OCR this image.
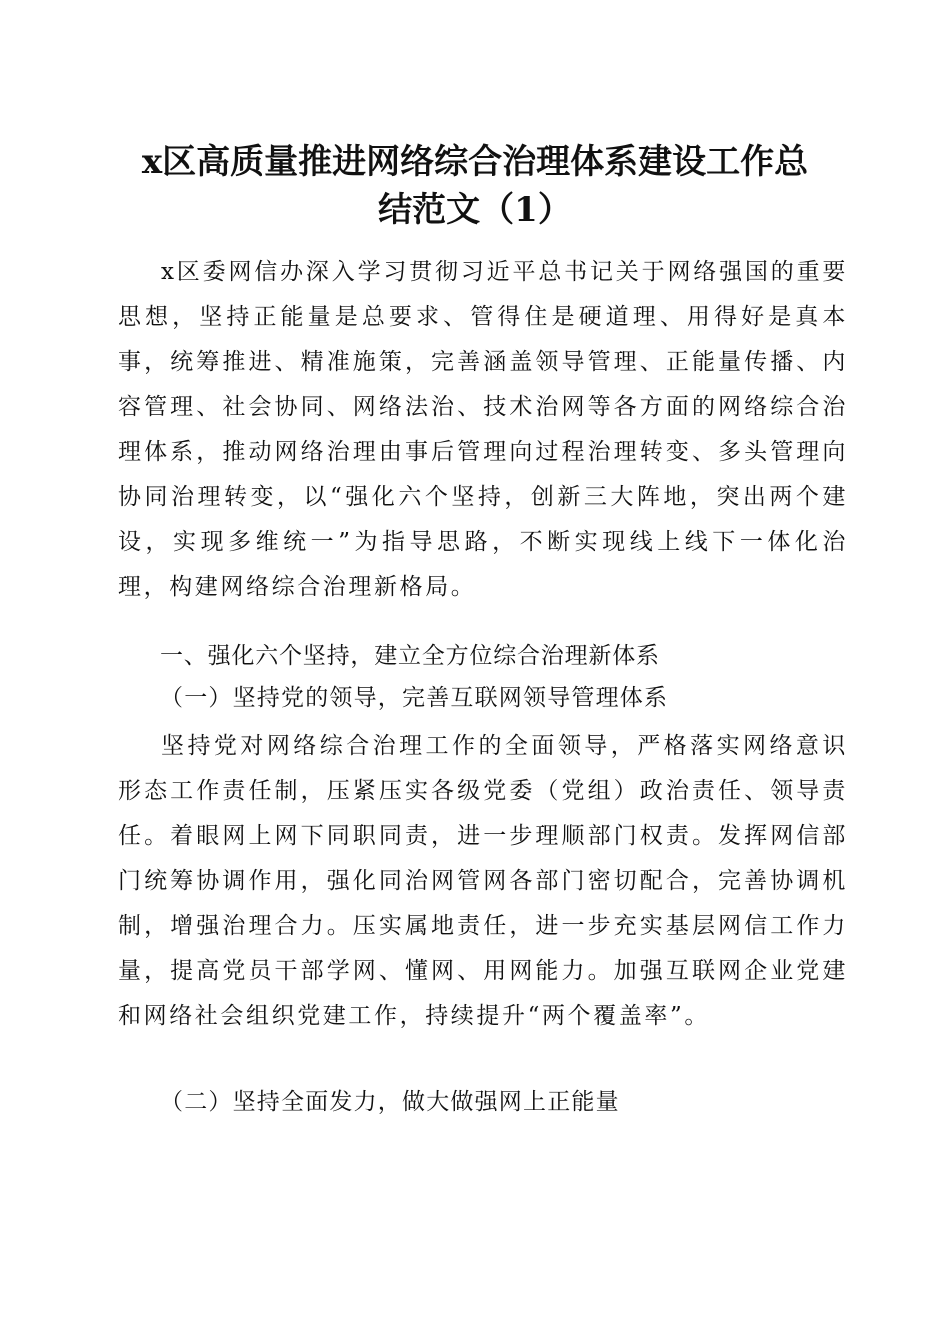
x区高质量推进网络综合治理体系建设工作总
结范文（1）

x区委网信办深入学习贯彻习近平总书记关于网络强国的重要思想，坚持正能量是总要求、管得住是硬道理、用得好是真本事，统筹推进、精准施策，完善涵盖领导管理、正能量传播、内容管理、社会协同、网络法治、技术治网等各方面的网络综合治理体系，推动网络治理由事后管理向过程治理转变、多头管理向协同治理转变，以“强化六个坚持，创新三大阵地，突出两个建设，实现多维统一”为指导思路，不断实现线上线下一体化治理，构建网络综合治理新格局。

一、强化六个坚持，建立全方位综合治理新体系
（一）坚持党的领导，完善互联网领导管理体系

坚持党对网络综合治理工作的全面领导，严格落实网络意识形态工作责任制，压紧压实各级党委（党组）政治责任、领导责任。着眼网上网下同职同责，进一步理顺部门权责。发挥网信部门统筹协调作用，强化同治网管网各部门密切配合，完善协调机制，增强治理合力。压实属地责任，进一步充实基层网信工作力量，提高党员干部学网、懂网、用网能力。加强互联网企业党建和网络社会组织党建工作，持续提升“两个覆盖率”。

（二）坚持全面发力，做大做强网上正能量
